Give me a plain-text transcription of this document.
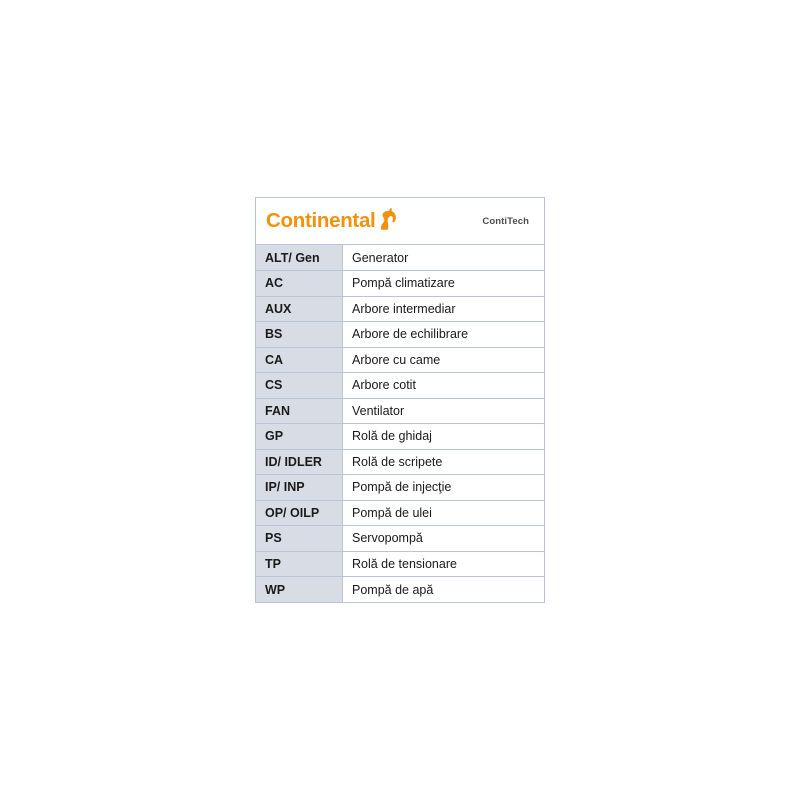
Continental	ContiTech
ALT/ Gen	Generator
AC	Pompă climatizare
AUX	Arbore intermediar
BS	Arbore de echilibrare
CA	Arbore cu came
CS	Arbore cotit
FAN	Ventilator
GP	Rolă de ghidaj
ID/ IDLER	Rolă de scripete
IP/ INP	Pompă de injecţie
OP/ OILP	Pompă de ulei
PS	Servopompă
TP	Rolă de tensionare
WP	Pompă de apă
